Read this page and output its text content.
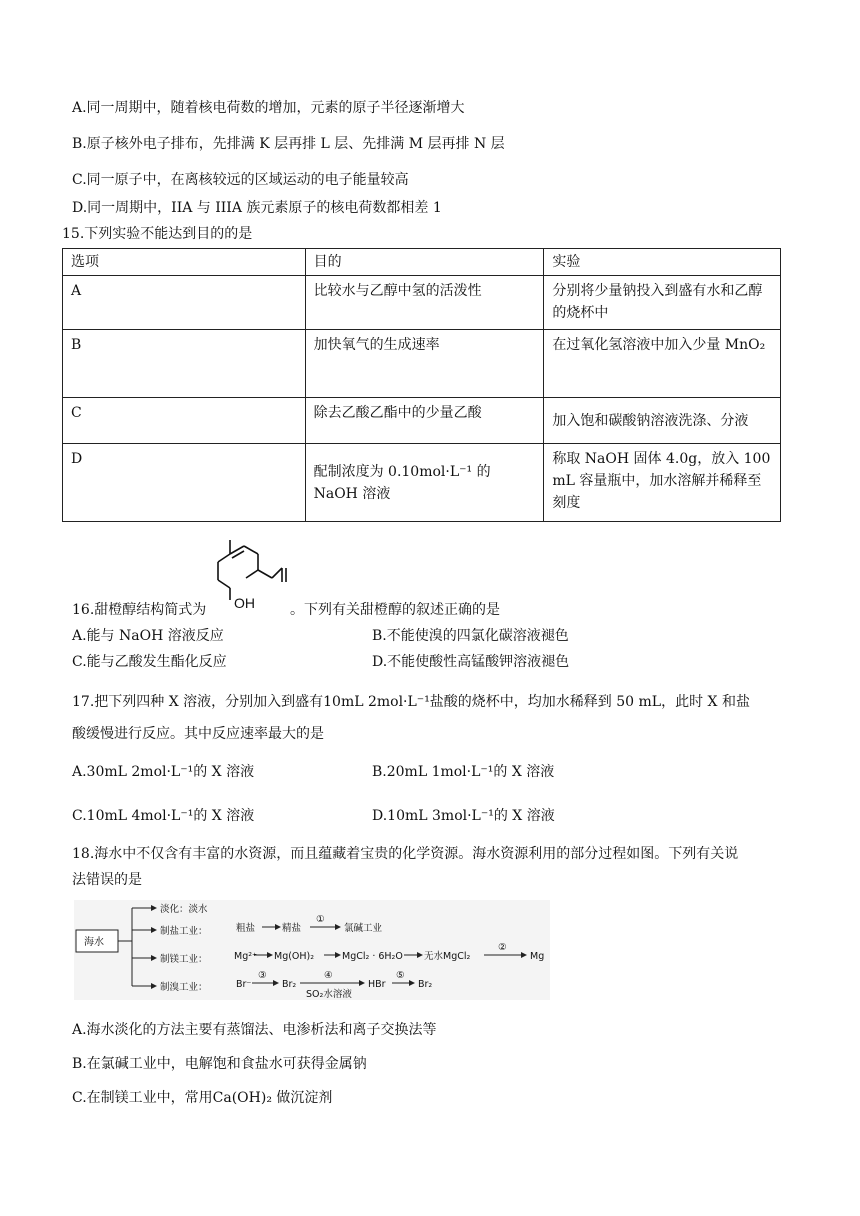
A.同一周期中，随着核电荷数的增加，元素的原子半径逐渐增大
B.原子核外电子排布，先排满 K 层再排 L 层、先排满 M 层再排 N 层
C.同一原子中，在离核较远的区域运动的电子能量较高
D.同一周期中，IIA 与 IIIA 族元素原子的核电荷数都相差 1
15.下列实验不能达到目的的是
选项	目的	实验
A	比较水与乙醇中氢的活泼性	分别将少量钠投入到盛有水和乙醇的烧杯中
B	加快氧气的生成速率	在过氧化氢溶液中加入少量 MnO₂
C	除去乙酸乙酯中的少量乙酸	加入饱和碳酸钠溶液洗涤、分液
D	配制浓度为 0.10mol·L⁻¹ 的 NaOH 溶液	称取 NaOH 固体 4.0g，放入 100 mL 容量瓶中，加水溶解并稀释至刻度
OH
16.甜橙醇结构简式为	。下列有关甜橙醇的叙述正确的是
A.能与 NaOH 溶液反应	B.不能使溴的四氯化碳溶液褪色
C.能与乙酸发生酯化反应	D.不能使酸性高锰酸钾溶液褪色
17.把下列四种 X 溶液，分别加入到盛有10mL 2mol·L⁻¹盐酸的烧杯中，均加水稀释到 50 mL，此时 X 和盐
酸缓慢进行反应。其中反应速率最大的是
A.30mL 2mol·L⁻¹的 X 溶液	B.20mL 1mol·L⁻¹的 X 溶液
C.10mL 4mol·L⁻¹的 X 溶液	D.10mL 3mol·L⁻¹的 X 溶液
18.海水中不仅含有丰富的水资源，而且蕴藏着宝贵的化学资源。海水资源利用的部分过程如图。下列有关说
法错误的是
海水
淡化：淡水
制盐工业：	粗盐	精盐
①
氯碱工业
制镁工业：	Mg²⁺ Mg(OH)₂	MgCl₂ · 6H₂O 无水MgCl₂
②
Mg
制溴工业：	Br⁻
③
Br₂
④
SO₂水溶液
HBr
⑤
Br₂
A.海水淡化的方法主要有蒸馏法、电渗析法和离子交换法等
B.在氯碱工业中，电解饱和食盐水可获得金属钠
C.在制镁工业中，常用Ca(OH)₂ 做沉淀剂
